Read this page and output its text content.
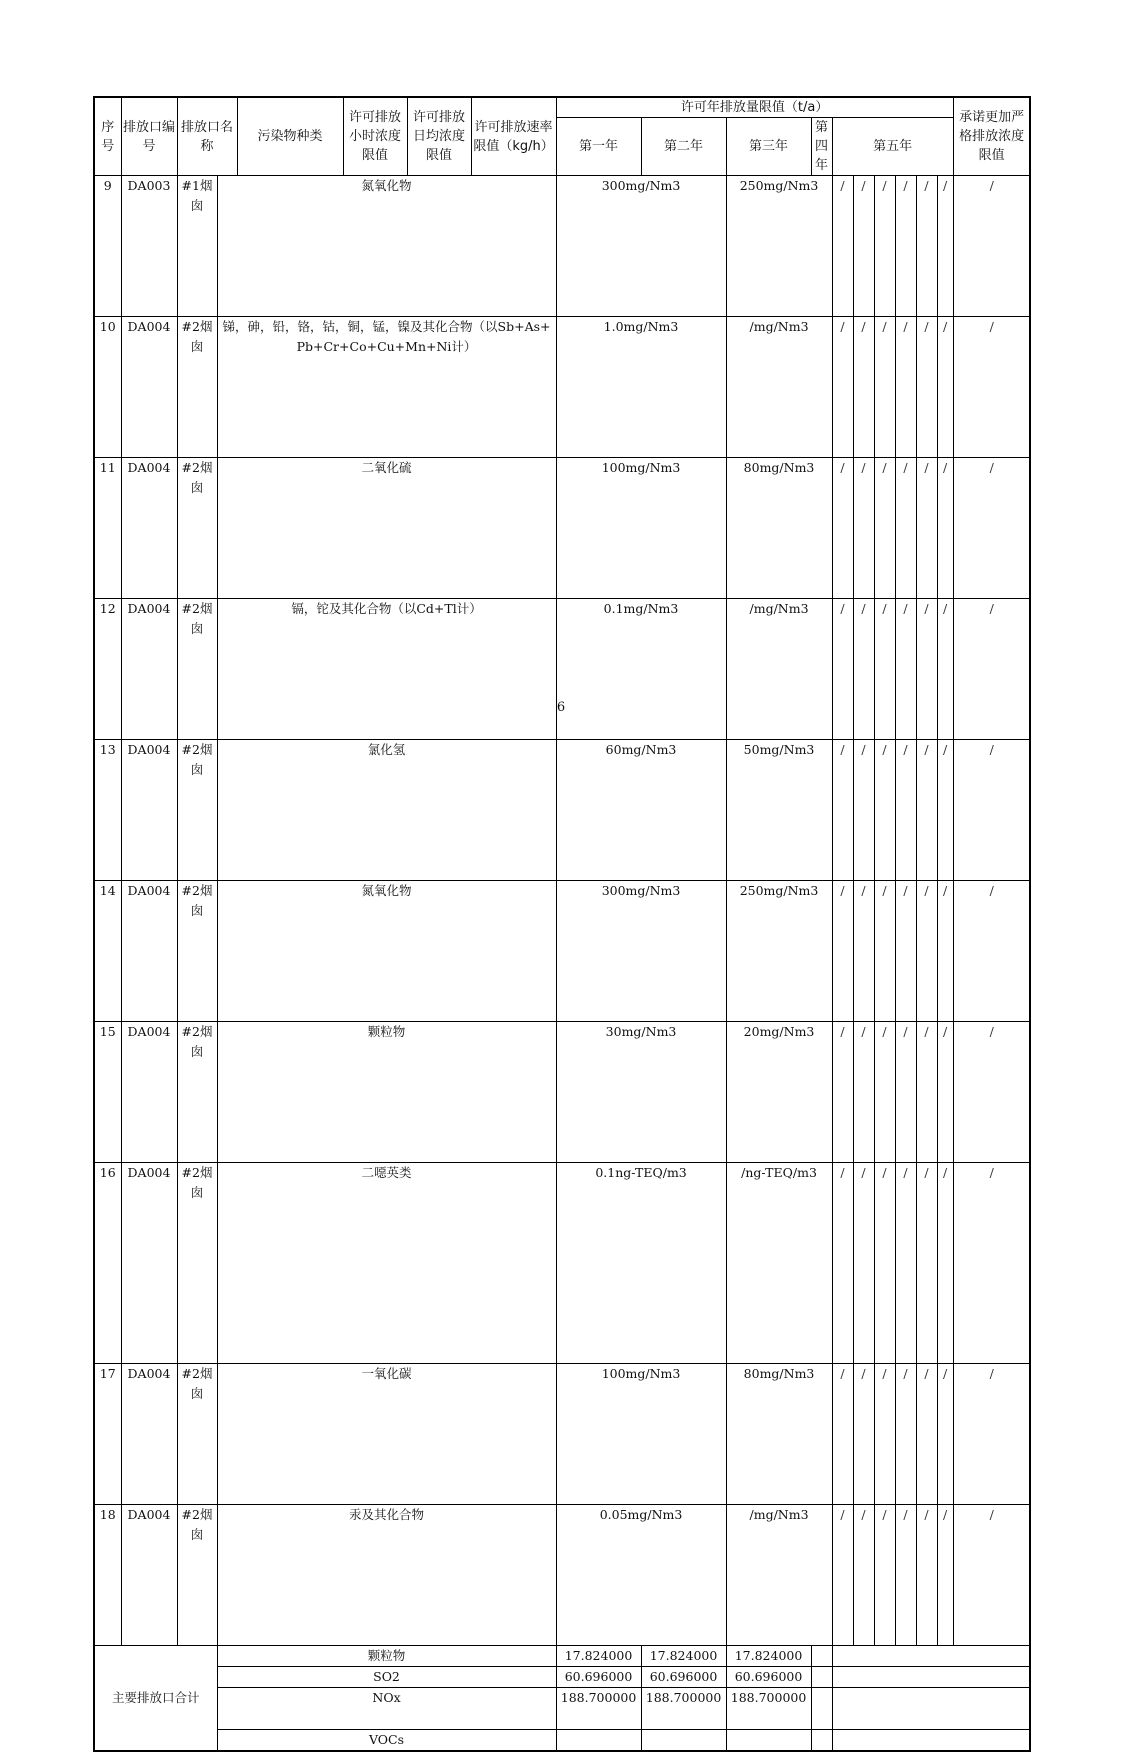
序号	排放口编号	排放口名称		污染物种类	许可排放小时浓度限值	许可排放日均浓度限值	许可排放速率限值（kg/h）	许可年排放量限值（t/a）										承诺更加严格排放浓度限值	
								第一年	第二年	第三年	第四年	第五年							
9	DA003	#1烟囱	氮氧化物					300mg/Nm3		250mg/Nm3		/	/	/	/	/	/	/	
10	DA004	#2烟囱	锑，砷，铅，铬，钴，铜，锰，镍及其化合物（以Sb+As+Pb+Cr+Co+Cu+Mn+Ni计）					1.0mg/Nm3		/mg/Nm3		/	/	/	/	/	/	/	
11	DA004	#2烟囱	二氧化硫					100mg/Nm3		80mg/Nm3		/	/	/	/	/	/	/	
12	DA004	#2烟囱	镉，铊及其化合物（以Cd+Tl计）					0.1mg/Nm3		/mg/Nm3		/	/	/	/	/	/	/	
13	DA004	#2烟囱	氯化氢					60mg/Nm3		50mg/Nm3		/	/	/	/	/	/	/	
14	DA004	#2烟囱	氮氧化物					300mg/Nm3		250mg/Nm3		/	/	/	/	/	/	/	
15	DA004	#2烟囱	颗粒物					30mg/Nm3		20mg/Nm3		/	/	/	/	/	/	/	
16	DA004	#2烟囱	二噁英类					0.1ng-TEQ/m3		/ng-TEQ/m3		/	/	/	/	/	/	/	
17	DA004	#2烟囱	一氧化碳					100mg/Nm3		80mg/Nm3		/	/	/	/	/	/	/	
18	DA004	#2烟囱	汞及其化合物					0.05mg/Nm3		/mg/Nm3		/	/	/	/	/	/	/	
主要排放口合计			颗粒物					17.824000	17.824000	17.824000			
			SO2					60.696000	60.696000	60.696000			
			NOx					188.700000	188.700000	188.700000			
			VOCs						
6
